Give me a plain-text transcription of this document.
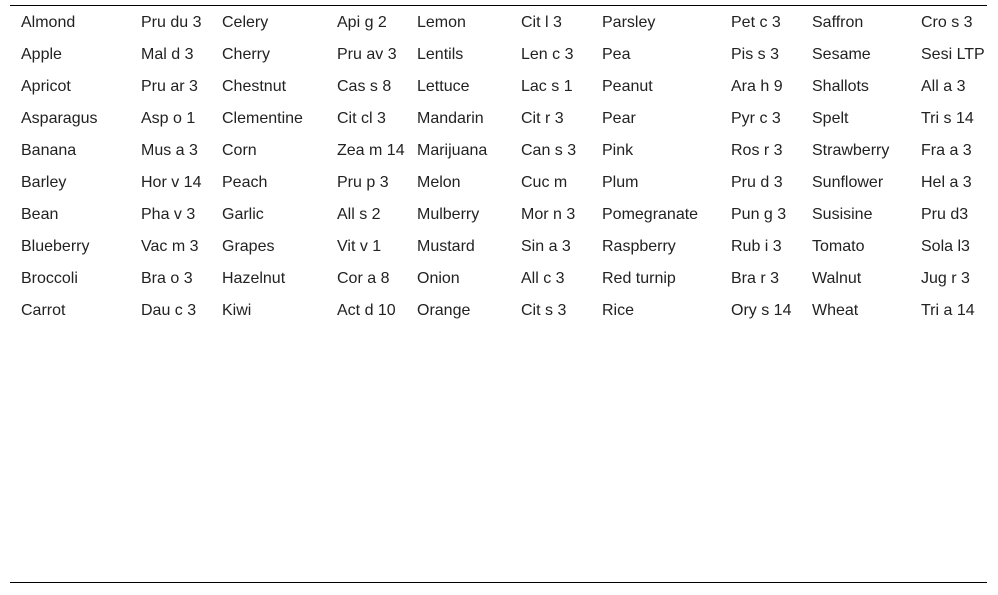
Almond	Pru du 3	Celery	Api g 2	Lemon	Cit l 3	Parsley	Pet c 3	Saffron	Cro s 3
Apple	Mal d 3	Cherry	Pru av 3	Lentils	Len c 3	Pea	Pis s 3	Sesame	Sesi LTP
Apricot	Pru ar 3	Chestnut	Cas s 8	Lettuce	Lac s 1	Peanut	Ara h 9	Shallots	All a 3
Asparagus	Asp o 1	Clementine	Cit cl 3	Mandarin	Cit r 3	Pear	Pyr c 3	Spelt	Tri s 14
Banana	Mus a 3	Corn	Zea m 14	Marijuana	Can s 3	Pink	Ros r 3	Strawberry	Fra a 3
Barley	Hor v 14	Peach	Pru p 3	Melon	Cuc m	Plum	Pru d 3	Sunflower	Hel a 3
Bean	Pha v 3	Garlic	All s 2	Mulberry	Mor n 3	Pomegranate	Pun g 3	Susisine	Pru d3
Blueberry	Vac m 3	Grapes	Vit v 1	Mustard	Sin a 3	Raspberry	Rub i 3	Tomato	Sola l3
Broccoli	Bra o 3	Hazelnut	Cor a 8	Onion	All c 3	Red turnip	Bra r 3	Walnut	Jug r 3
Carrot	Dau c 3	Kiwi	Act d 10	Orange	Cit s 3	Rice	Ory s 14	Wheat	Tri a 14
